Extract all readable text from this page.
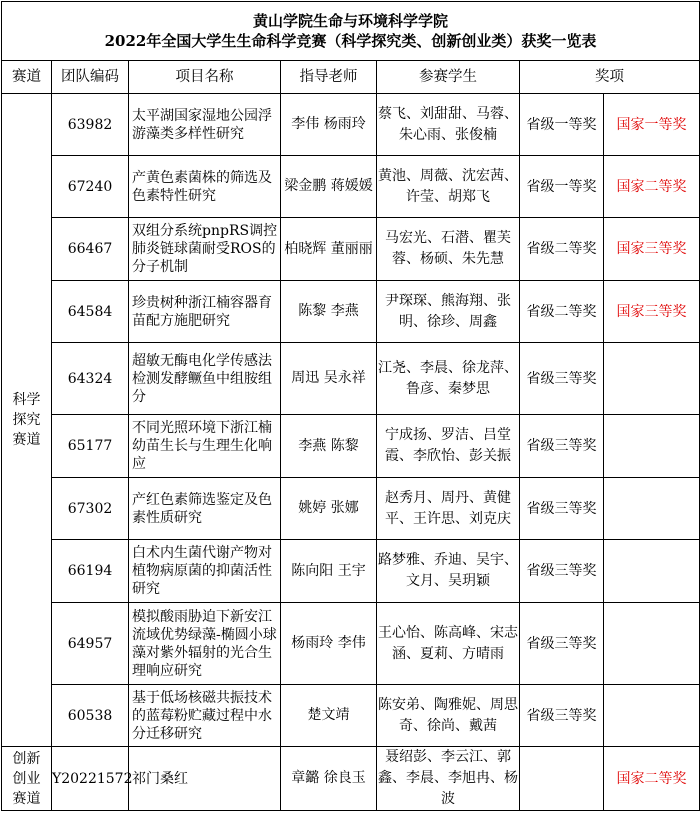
黄山学院生命与环境科学学院
2022年全国大学生生命科学竞赛（科学探究类、创新创业类）获奖一览表						

赛道	团队编码	项目名称	指导老师	参赛学生	奖项	

科学探究赛道	63982	太平湖国家湿地公园浮游藻类多样性研究	李伟 杨雨玲	蔡飞、刘甜甜、马蓉、朱心雨、张俊楠	省级一等奖	国家一等奖
	67240	产黄色素菌株的筛选及色素特性研究	梁金鹏 蒋媛媛	黄池、周薇、沈宏茜、许莹、胡郑飞	省级一等奖	国家二等奖
	66467	双组分系统pnpRS调控肺炎链球菌耐受ROS的分子机制	柏晓辉 董丽丽	马宏光、石潜、瞿芙蓉、杨硕、朱先慧	省级二等奖	国家三等奖
	64584	珍贵树种浙江楠容器育苗配方施肥研究	陈黎 李燕	尹琛琛、熊海翔、张明、徐珍、周鑫	省级二等奖	国家三等奖
	64324	超敏无酶电化学传感法检测发酵鳜鱼中组胺组分	周迅 吴永祥	江尧、李晨、徐龙萍、鲁彦、秦梦思	省级三等奖	
	65177	不同光照环境下浙江楠幼苗生长与生理生化响应	李燕 陈黎	宁成扬、罗洁、吕堂霞、李欣怡、彭关振	省级三等奖	
	67302	产红色素筛选鉴定及色素性质研究	姚婷 张娜	赵秀月、周丹、黄健平、王许思、刘克庆	省级三等奖	
	66194	白术内生菌代谢产物对植物病原菌的抑菌活性研究	陈向阳 王宇	路梦雅、乔迪、吴宇、文月、吴玥颖	省级三等奖	
	64957	模拟酸雨胁迫下新安江流域优势绿藻-椭圆小球藻对紫外辐射的光合生理响应研究	杨雨玲 李伟	王心怡、陈高峰、宋志涵、夏莉、方晴雨	省级三等奖	
	60538	基于低场核磁共振技术的蓝莓粉贮藏过程中水分迁移研究	楚文靖	陈安弟、陶雅妮、周思奇、徐尚、戴茜	省级三等奖	

创新创业赛道	Y20221572	祁门桑红	章鏴 徐良玉	聂绍彭、李云江、郭鑫、李晨、李旭冉、杨波		国家二等奖
